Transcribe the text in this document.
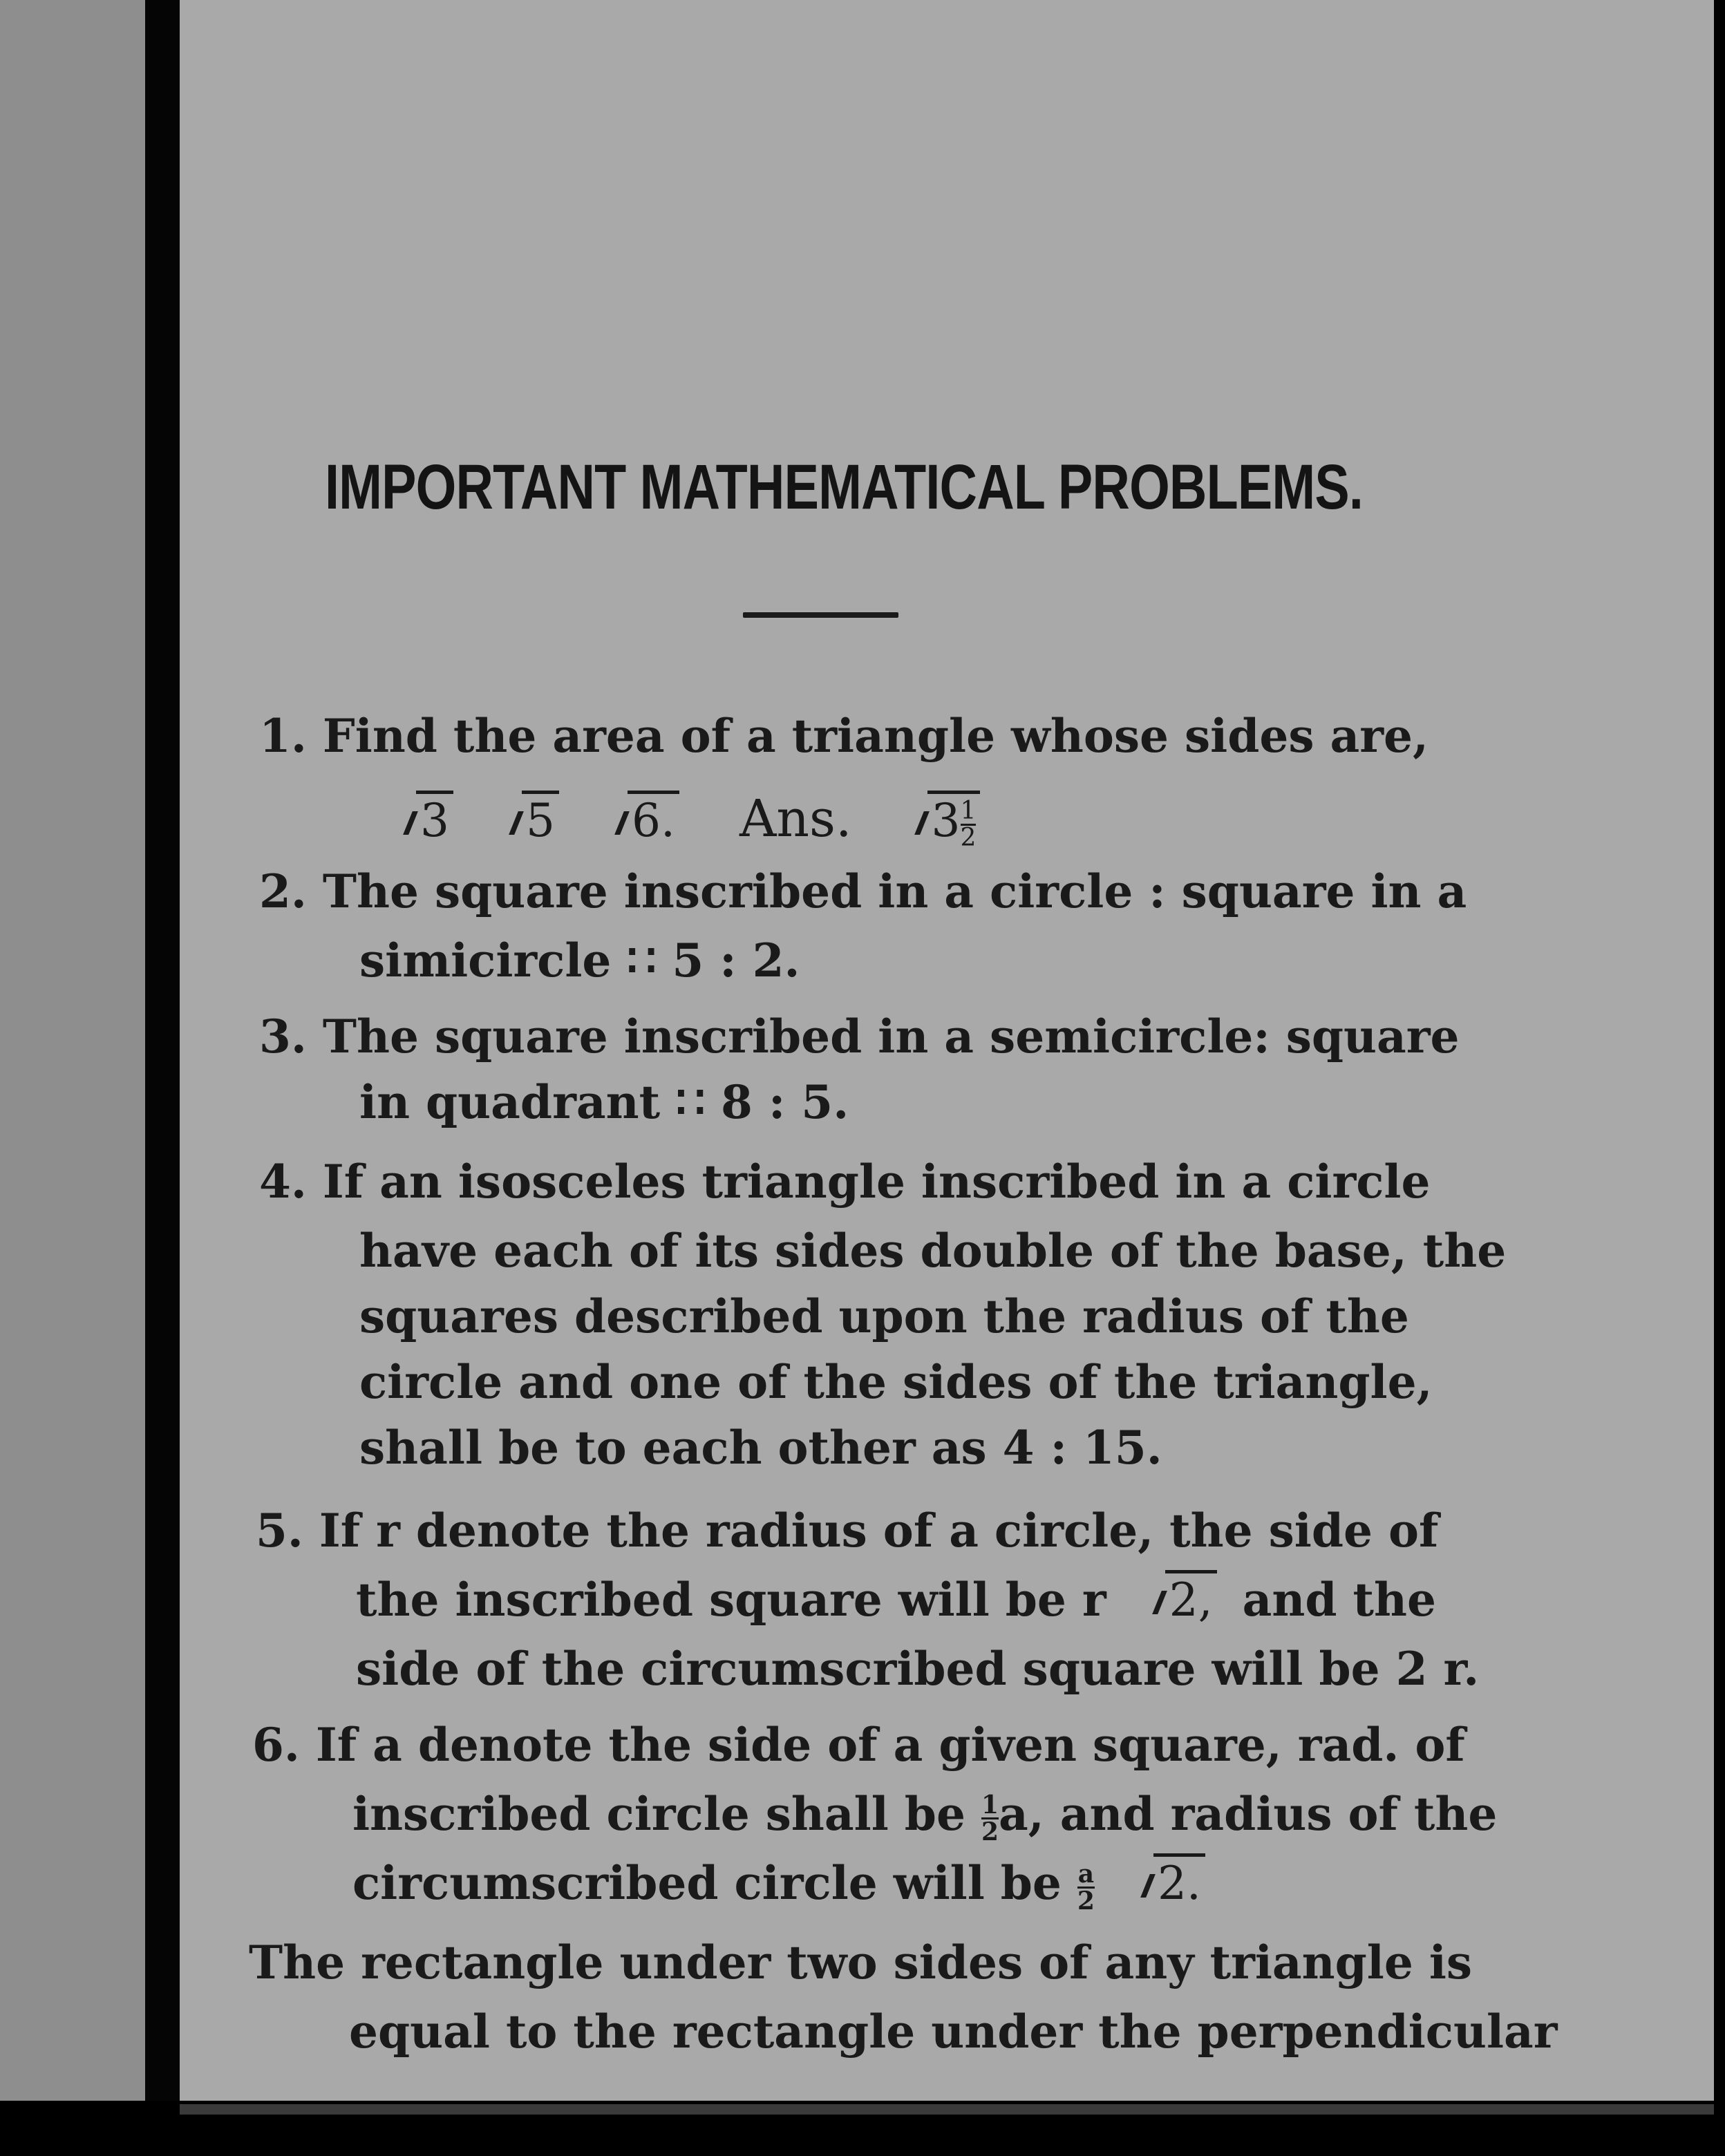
IMPORTANT MATHEMATICAL PROBLEMS.
1. Find the area of a triangle whose sides are,
3 5 6. Ans. $3 \frac{1}{2}$
2. The square inscribed in a circle : square in a
simicircle ∷ 5 : 2.
3. The square inscribed in a semicircle: square
in quadrant ∷ 8 : 5.
4. If an isosceles triangle inscribed in a circle
have each of its sides double of the base, the
squares described upon the radius of the
circle and one of the sides of the triangle,
shall be to each other as 4 : 15.
5. If r denote the radius of a circle, the side of
the inscribed square will be r 2, and the
side of the circumscribed square will be 2 r.
6. If a denote the side of a given square, rad. of
inscribed circle shall be $\frac{1}{2} a$, and radius of the
circumscribed circle will be $\frac{a}{2} 2$.
The rectangle under two sides of any triangle is
equal to the rectangle under the perpendicular
